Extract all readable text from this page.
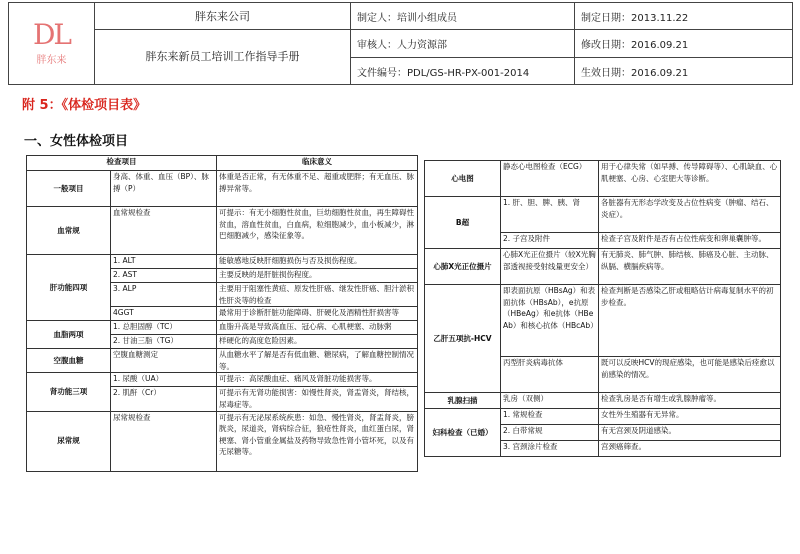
DL
胖东来	胖东来公司	制定人：培训小组成员	制定日期：2013.11.22
	胖东来新员工培训工作指导手册	审核人：人力资源部	修改日期：2016.09.21
		文件编号：PDL/GS-HR-PX-001-2014	生效日期：2016.09.21
附 5：《体检项目表》
一、女性体检项目
检查项目		临床意义
一般项目	身高、体重、血压（BP）、脉搏（P）	体重是否正常，有无体重不足、超重或肥胖；有无血压、脉搏异常等。
血常规	血常规检查	可提示：有无小细胞性贫血，巨幼细胞性贫血，再生障碍性贫血，溶血性贫血，白血病，粒细胞减少，血小板减少，淋巴细胞减少，感染征象等。
肝功能四项	1. ALT	能敏感地反映肝细胞损伤与否及损伤程度。
	2. AST	主要反映的是肝脏损伤程度。
	3. ALP	主要用于阻塞性黄疸、原发性肝癌、继发性肝癌、胆汁淤积性肝炎等的检查
	4GGT	最常用于诊断肝脏功能障碍、肝硬化及酒精性肝损害等
血脂两项	1. 总胆固醇（TC）	血脂升高是导致高血压、冠心病、心肌梗塞、动脉粥
	2. 甘油三脂（TG）	样硬化的高度危险因素。
空腹血糖	空腹血糖测定	从血糖水平了解是否有低血糖、糖尿病，了解血糖控制情况等。
肾功能三项	1. 尿酸（UA）	可提示：高尿酸血症、痛风及肾脏功能损害等。
	2. 肌酐（Cr）	可提示有无肾功能损害：如慢性肾炎，肾盂肾炎，肾结核，尿毒症等。
尿常规	尿常规检查	可提示有无泌尿系统疾患：如急、慢性肾炎，肾盂肾炎，膀胱炎，尿道炎，肾病综合征，狼疮性肾炎，血红蛋白尿，肾梗塞、肾小管重金属盐及药物导致急性肾小管坏死，以及有无尿糖等。
心电图	静态心电图检查（ECG）	用于心律失常（如早搏、传导障碍等）、心肌缺血、心肌梗塞、心房、心室肥大等诊断。
B超	1. 肝、胆、脾、胰、肾	各脏器有无形态学改变及占位性病变（肿瘤、结石、炎症）。
	2. 子宫及附件	检查子宫及附件是否有占位性病变和卵巢囊肿等。
心肺X光正位摄片	心肺X光正位摄片（较X光胸部透视接受射线量更安全）	有无肺炎、肺气肿、肺结核、肺癌及心脏、主动脉、纵膈、横膈疾病等。
乙肝五项抗-HCV	即表面抗原（HBsAg）和表面抗体（HBsAb），e抗原（HBeAg）和e抗体（HBeAb）和核心抗体（HBcAb）	检查判断是否感染乙肝或粗略估计病毒复制水平的初步检查。
	丙型肝炎病毒抗体	既可以反映HCV的现症感染，也可能是感染后痊愈以前感染的情况。
乳腺扫描	乳房（双侧）	检查乳房是否有增生或乳腺肿瘤等。
妇科检查（已婚）	1. 常规检查	女性外生殖器有无异常。
	2. 白带常规	有无宫颈及阴道感染。
	3. 宫颈涂片检查	宫颈癌筛查。
